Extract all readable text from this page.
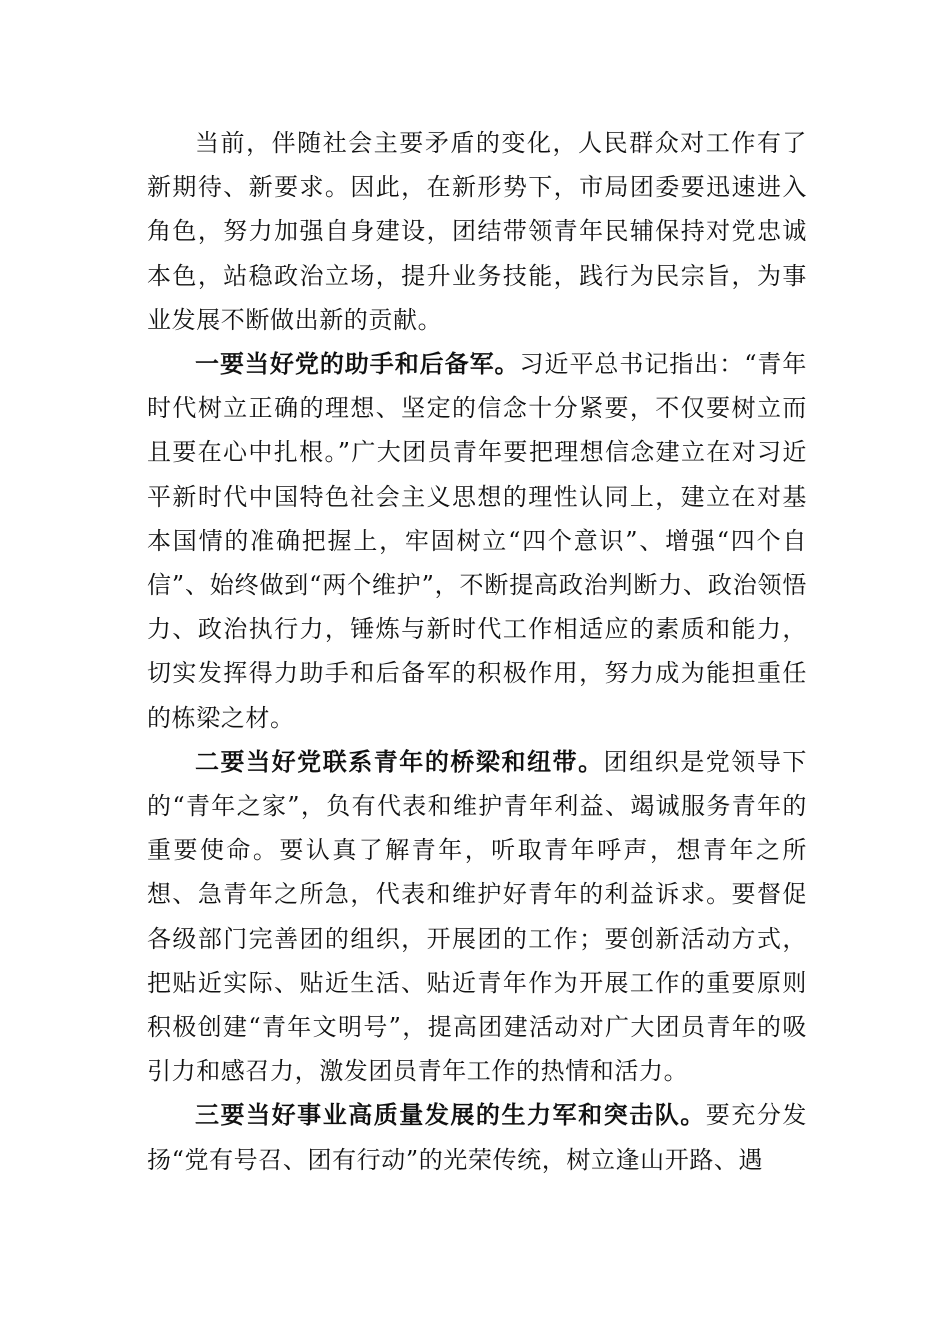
当前，伴随社会主要矛盾的变化，人民群众对工作有了新期待、新要求。因此，在新形势下，市局团委要迅速进入角色，努力加强自身建设，团结带领青年民辅保持对党忠诚本色，站稳政治立场，提升业务技能，践行为民宗旨，为事业发展不断做出新的贡献。

一要当好党的助手和后备军。习近平总书记指出：“青年时代树立正确的理想、坚定的信念十分紧要，不仅要树立而且要在心中扎根。”广大团员青年要把理想信念建立在对习近平新时代中国特色社会主义思想的理性认同上，建立在对基本国情的准确把握上，牢固树立“四个意识”、增强“四个自信”、始终做到“两个维护”，不断提高政治判断力、政治领悟力、政治执行力，锤炼与新时代工作相适应的素质和能力，切实发挥得力助手和后备军的积极作用，努力成为能担重任的栋梁之材。

二要当好党联系青年的桥梁和纽带。团组织是党领导下的“青年之家”，负有代表和维护青年利益、竭诚服务青年的重要使命。要认真了解青年，听取青年呼声，想青年之所想、急青年之所急，代表和维护好青年的利益诉求。要督促各级部门完善团的组织，开展团的工作；要创新活动方式，把贴近实际、贴近生活、贴近青年作为开展工作的重要原则积极创建“青年文明号”，提高团建活动对广大团员青年的吸引力和感召力，激发团员青年工作的热情和活力。

三要当好事业高质量发展的生力军和突击队。要充分发扬“党有号召、团有行动”的光荣传统，树立逢山开路、遇
